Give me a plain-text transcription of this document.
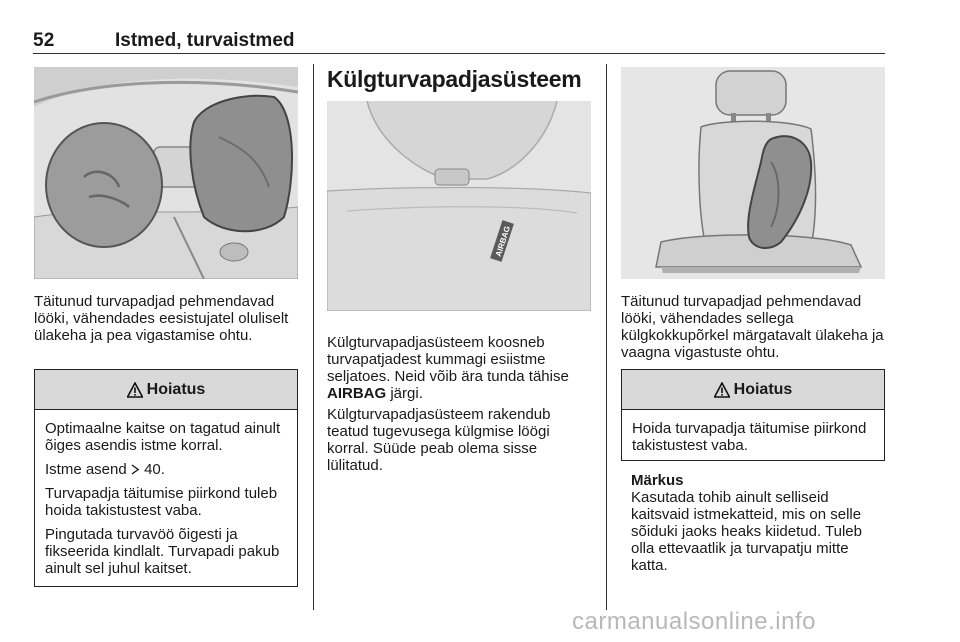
52	Istmed, turvaistmed

Täitunud turvapadjad pehmendavad lööki, vähendades eesistujatel oluliselt ülakeha ja pea vigastamise ohtu.

Hoiatus

Optimaalne kaitse on tagatud ainult õiges asendis istme korral.

Istme asend 40.

Turvapadja täitumise piirkond tuleb hoida takistustest vaba.

Pingutada turvavöö õigesti ja fikseerida kindlalt. Turvapadi pakub ainult sel juhul kaitset.

Külgturvapadjasüsteem
AIRBAG

Külgturvapadjasüsteem koosneb turvapatjadest kummagi esiistme seljatoes. Neid võib ära tunda tähise AIRBAG järgi.

Külgturvapadjasüsteem rakendub teatud tugevusega külgmise löögi korral. Süüde peab olema sisse lülitatud.

Täitunud turvapadjad pehmendavad lööki, vähendades sellega külgkokkupõrkel märgatavalt ülakeha ja vaagna vigastuste ohtu.

Hoiatus

Hoida turvapadja täitumise piirkond takistustest vaba.

Märkus

Kasutada tohib ainult selliseid kaitsvaid istmekatteid, mis on selle sõiduki jaoks heaks kiidetud. Tuleb olla ettevaatlik ja turvapatju mitte katta.

carmanualsonline.info
